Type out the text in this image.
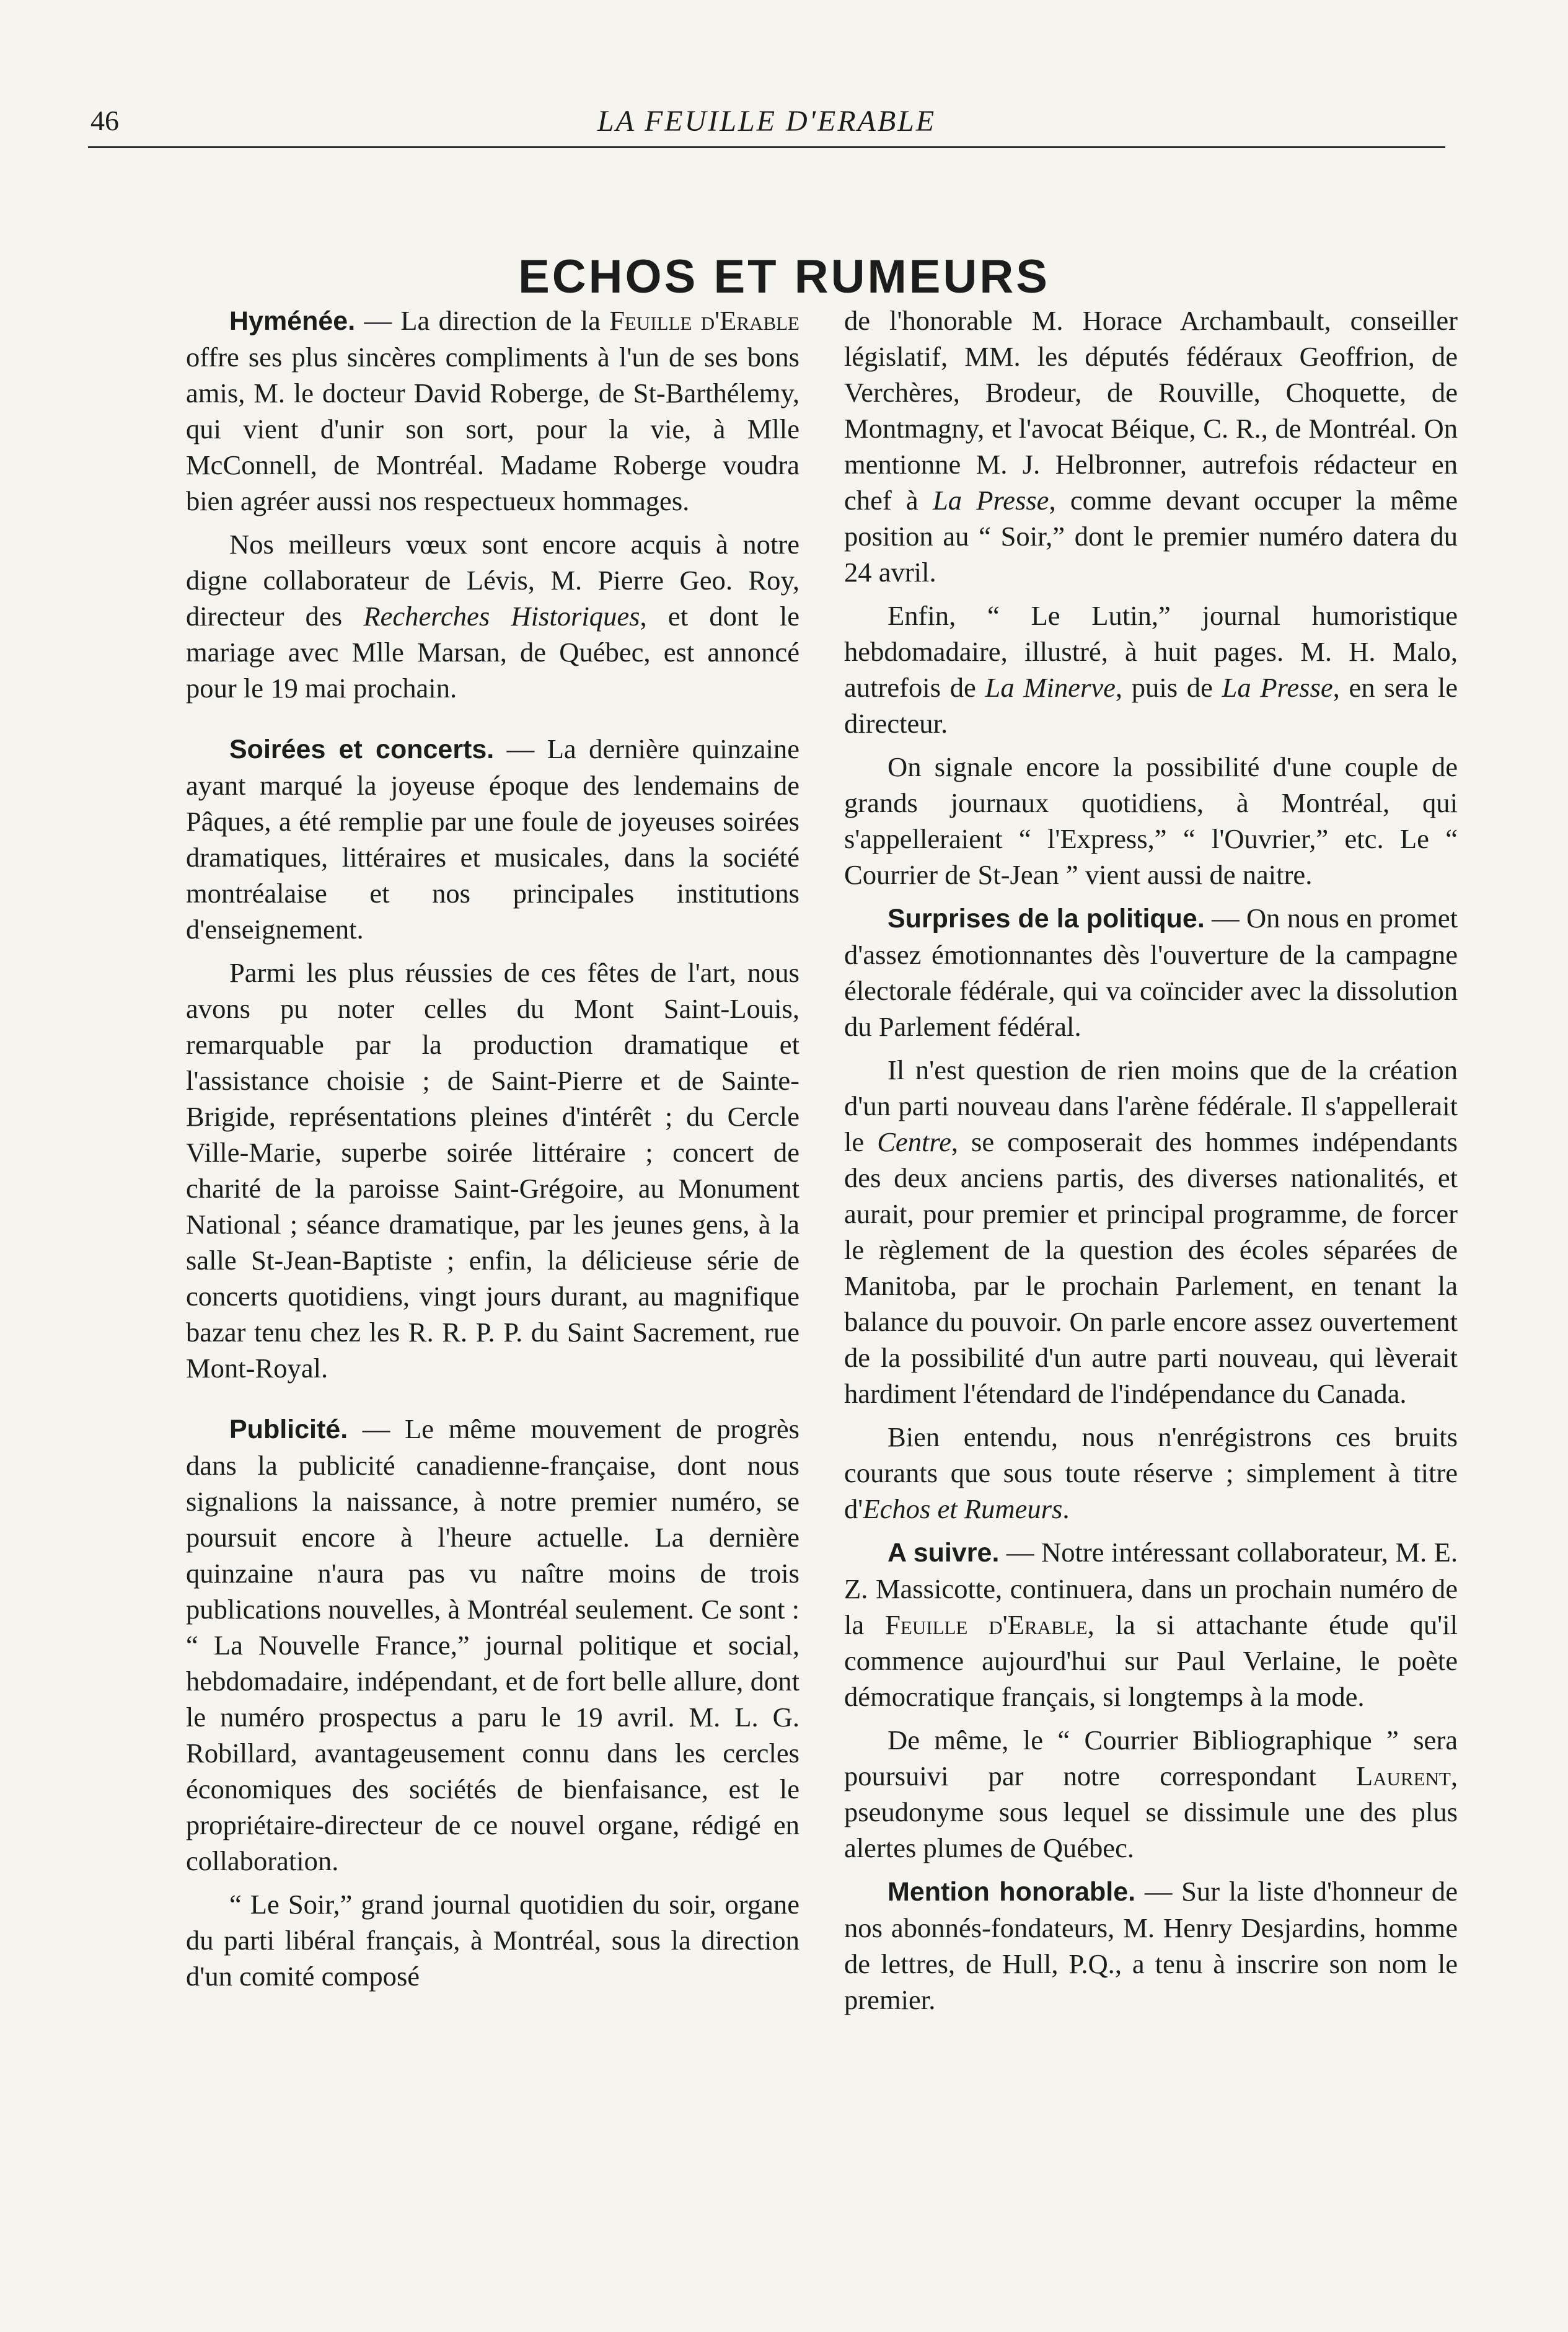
46	LA FEUILLE D'ERABLE
ECHOS ET RUMEURS

Hyménée. — La direction de la Feuille d'Erable offre ses plus sincères compliments à l'un de ses bons amis, M. le docteur David Roberge, de St-Barthélemy, qui vient d'unir son sort, pour la vie, à Mlle McConnell, de Montréal. Madame Roberge voudra bien agréer aussi nos respectueux hommages.

Nos meilleurs vœux sont encore acquis à notre digne collaborateur de Lévis, M. Pierre Geo. Roy, directeur des Recherches Historiques, et dont le mariage avec Mlle Marsan, de Québec, est annoncé pour le 19 mai prochain.

Soirées et concerts. — La dernière quinzaine ayant marqué la joyeuse époque des lendemains de Pâques, a été remplie par une foule de joyeuses soirées dramatiques, littéraires et musicales, dans la société montréalaise et nos principales institutions d'enseignement.

Parmi les plus réussies de ces fêtes de l'art, nous avons pu noter celles du Mont Saint-Louis, remarquable par la production dramatique et l'assistance choisie ; de Saint-Pierre et de Sainte-Brigide, représentations pleines d'intérêt ; du Cercle Ville-Marie, superbe soirée littéraire ; concert de charité de la paroisse Saint-Grégoire, au Monument National ; séance dramatique, par les jeunes gens, à la salle St-Jean-Baptiste ; enfin, la délicieuse série de concerts quotidiens, vingt jours durant, au magnifique bazar tenu chez les R. R. P. P. du Saint Sacrement, rue Mont-Royal.

Publicité. — Le même mouvement de progrès dans la publicité canadienne-française, dont nous signalions la naissance, à notre premier numéro, se poursuit encore à l'heure actuelle. La dernière quinzaine n'aura pas vu naître moins de trois publications nouvelles, à Montréal seulement. Ce sont : “ La Nouvelle France,” journal politique et social, hebdomadaire, indépendant, et de fort belle allure, dont le numéro prospectus a paru le 19 avril. M. L. G. Robillard, avantageusement connu dans les cercles économiques des sociétés de bienfaisance, est le propriétaire-directeur de ce nouvel organe, rédigé en collaboration.

“ Le Soir,” grand journal quotidien du soir, organe du parti libéral français, à Montréal, sous la direction d'un comité composé

de l'honorable M. Horace Archambault, conseiller législatif, MM. les députés fédéraux Geoffrion, de Verchères, Brodeur, de Rouville, Choquette, de Montmagny, et l'avocat Béique, C. R., de Montréal. On mentionne M. J. Helbronner, autrefois rédacteur en chef à La Presse, comme devant occuper la même position au “ Soir,” dont le premier numéro datera du 24 avril.

Enfin, “ Le Lutin,” journal humoristique hebdomadaire, illustré, à huit pages. M. H. Malo, autrefois de La Minerve, puis de La Presse, en sera le directeur.

On signale encore la possibilité d'une couple de grands journaux quotidiens, à Montréal, qui s'appelleraient “ l'Express,” “ l'Ouvrier,” etc. Le “ Courrier de St-Jean ” vient aussi de naitre.

Surprises de la politique. — On nous en promet d'assez émotionnantes dès l'ouverture de la campagne électorale fédérale, qui va coïncider avec la dissolution du Parlement fédéral.

Il n'est question de rien moins que de la création d'un parti nouveau dans l'arène fédérale. Il s'appellerait le Centre, se composerait des hommes indépendants des deux anciens partis, des diverses nationalités, et aurait, pour premier et principal programme, de forcer le règlement de la question des écoles séparées de Manitoba, par le prochain Parlement, en tenant la balance du pouvoir. On parle encore assez ouvertement de la possibilité d'un autre parti nouveau, qui lèverait hardiment l'étendard de l'indépendance du Canada.

Bien entendu, nous n'enrégistrons ces bruits courants que sous toute réserve ; simplement à titre d'Echos et Rumeurs.

A suivre. — Notre intéressant collaborateur, M. E. Z. Massicotte, continuera, dans un prochain numéro de la Feuille d'Erable, la si attachante étude qu'il commence aujourd'hui sur Paul Verlaine, le poète démocratique français, si longtemps à la mode.

De même, le “ Courrier Bibliographique ” sera poursuivi par notre correspondant Laurent, pseudonyme sous lequel se dissimule une des plus alertes plumes de Québec.

Mention honorable. — Sur la liste d'honneur de nos abonnés-fondateurs, M. Henry Desjardins, homme de lettres, de Hull, P.Q., a tenu à inscrire son nom le premier.
